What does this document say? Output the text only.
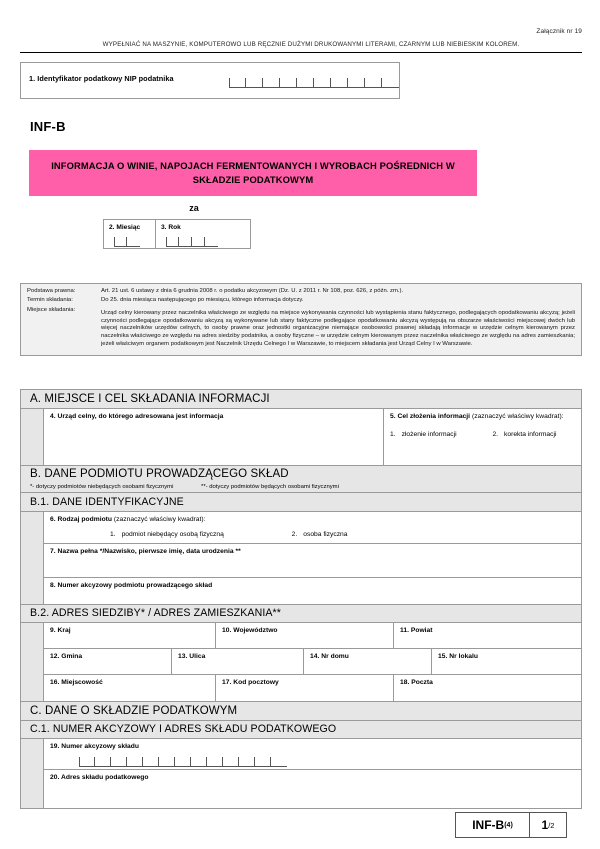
Załącznik nr 19
WYPEŁNIAĆ NA MASZYNIE, KOMPUTEROWO LUB RĘCZNIE DUŻYMI DRUKOWANYMI LITERAMI, CZARNYM LUB NIEBIESKIM KOLOREM.
1. Identyfikator podatkowy NIP podatnika
INF-B
INFORMACJA O WINIE, NAPOJACH FERMENTOWANYCH I WYROBACH POŚREDNICH W SKŁADZIE PODATKOWYM
za
2. Miesiąc	3. Rok
Podstawa prawna:	Art. 21 ust. 6 ustawy z dnia 6 grudnia 2008 r. o podatku akcyzowym (Dz. U. z 2011 r. Nr 108, poz. 626, z późn. zm.).
Termin składania:	Do 25. dnia miesiąca następującego po miesiącu, którego informacja dotyczy.
Miejsce składania:	Urząd celny kierowany przez naczelnika właściwego ze względu na miejsce wykonywania czynności lub wystąpienia stanu faktycznego, podlegających opodatkowaniu akcyzą; jeżeli czynności podlegające opodatkowaniu akcyzą są wykonywane lub stany faktyczne podlegające opodatkowaniu akcyzą występują na obszarze właściwości miejscowej dwóch lub więcej naczelników urzędów celnych, to osoby prawne oraz jednostki organizacyjne niemające osobowości prawnej składają informacje w urzędzie celnym kierowanym przez naczelnika właściwego ze względu na adres siedziby podatnika, a osoby fizyczne – w urzędzie celnym kierowanym przez naczelnika właściwego ze względu na adres zamieszkania; jeżeli właściwym organem podatkowym jest Naczelnik Urzędu Celnego I w Warszawie, to miejscem składania jest Urząd Celny I w Warszawie.
A. MIEJSCE I CEL SKŁADANIA INFORMACJI
4. Urząd celny, do którego adresowana jest informacja	5. Cel złożenia informacji (zaznaczyć właściwy kwadrat):
1. złożenie informacji	2. korekta informacji
B. DANE PODMIOTU PROWADZĄCEGO SKŁAD
*- dotyczy podmiotów niebędących osobami fizycznymi	**- dotyczy podmiotów będących osobami fizycznymi
B.1. DANE IDENTYFIKACYJNE
6. Rodzaj podmiotu (zaznaczyć właściwy kwadrat):
1. podmiot niebędący osobą fizyczną	2. osoba fizyczna
7. Nazwa pełna */Nazwisko, pierwsze imię, data urodzenia **
8. Numer akcyzowy podmiotu prowadzącego skład
B.2. ADRES SIEDZIBY* / ADRES ZAMIESZKANIA**
9. Kraj	10. Województwo	11. Powiat
12. Gmina	13. Ulica	14. Nr domu	15. Nr lokalu
16. Miejscowość	17. Kod pocztowy	18. Poczta
C. DANE O SKŁADZIE PODATKOWYM
C.1. NUMER AKCYZOWY I ADRES SKŁADU PODATKOWEGO
19. Numer akcyzowy składu
20. Adres składu podatkowego
INF-B (4) 1 /2
